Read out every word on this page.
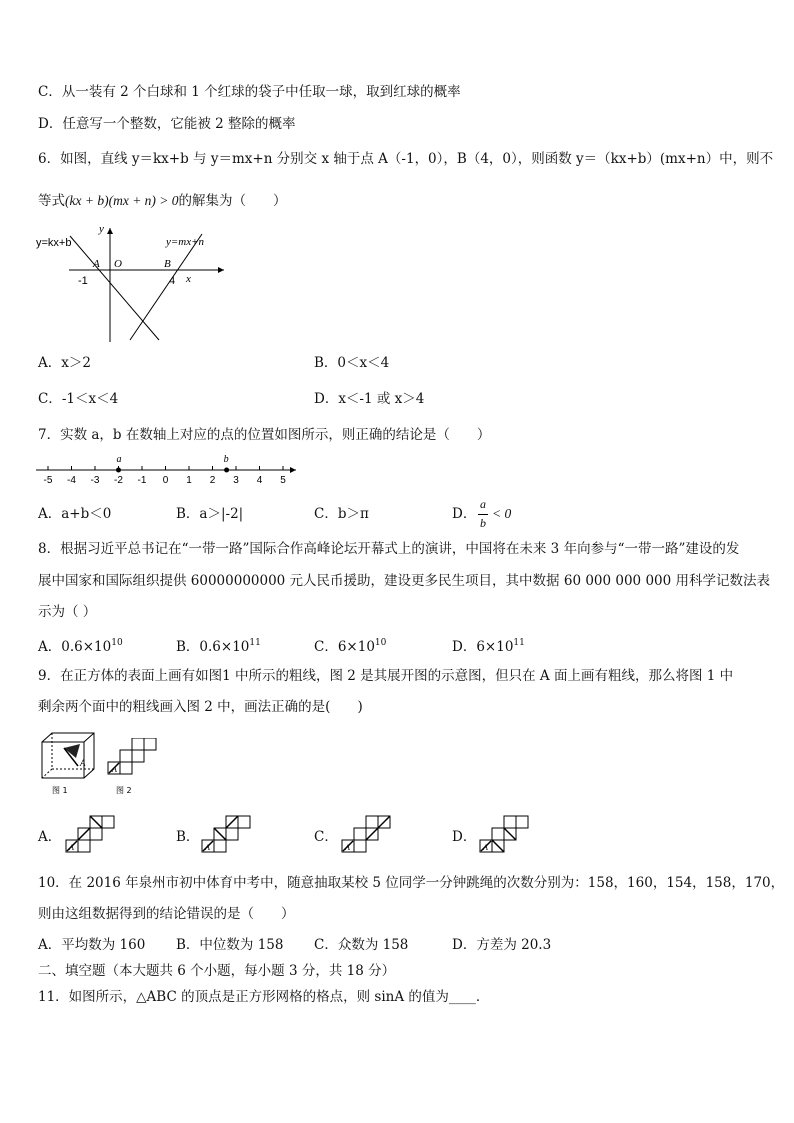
C．从一装有 2 个白球和 1 个红球的袋子中任取一球，取到红球的概率
D．任意写一个整数，它能被 2 整除的概率
6．如图，直线 y＝kx+b 与 y＝mx+n 分别交 x 轴于点 A（-1，0），B（4，0），则函数 y＝（kx+b）(mx+n）中，则不
等式(kx + b)(mx + n) > 0的解集为（　　）
y=kx+b	y=mx+n
y
x
A O	B
-1	4
A．x＞2	B．0＜x＜4
C．-1＜x＜4	D．x＜-1 或 x＞4
7．实数 a，b 在数轴上对应的点的位置如图所示，则正确的结论是（　　）
-5 -4 -3 -2 -1 0 1 2 3 4 5
a	b
A．a+b＜0	B．a＞|-2|	C．b＞π	D．
a
b
< 0
8．根据习近平总书记在“一带一路”国际合作高峰论坛开幕式上的演讲，中国将在未来 3 年向参与“一带一路”建设的发
展中国家和国际组织提供 60000000000 元人民币援助，建设更多民生项目，其中数据 60 000 000 000 用科学记数法表
示为（ ）
A．$0.6\times 10^{10}$	B．$0.6\times 10^{11}$	C．$6\times 10^{10}$	D．$6\times 10^{11}$
9．在正方体的表面上画有如图1 中所示的粗线，图 2 是其展开图的示意图，但只在 A 面上画有粗线，那么将图 1 中
剩余两个面中的粗线画入图 2 中，画法正确的是(　　)
A
图 1
A
图 2
A．
A
B．
A
C．
A
D．
A
10．在 2016 年泉州市初中体育中考中，随意抽取某校 5 位同学一分钟跳绳的次数分别为：158，160，154，158，170，
则由这组数据得到的结论错误的是（　　）
A．平均数为 160 B．中位数为 158 C．众数为 158	D．方差为 20.3
二、填空题（本大题共 6 个小题，每小题 3 分，共 18 分）
11．如图所示，△ABC 的顶点是正方形网格的格点，则 sinA 的值为____．
